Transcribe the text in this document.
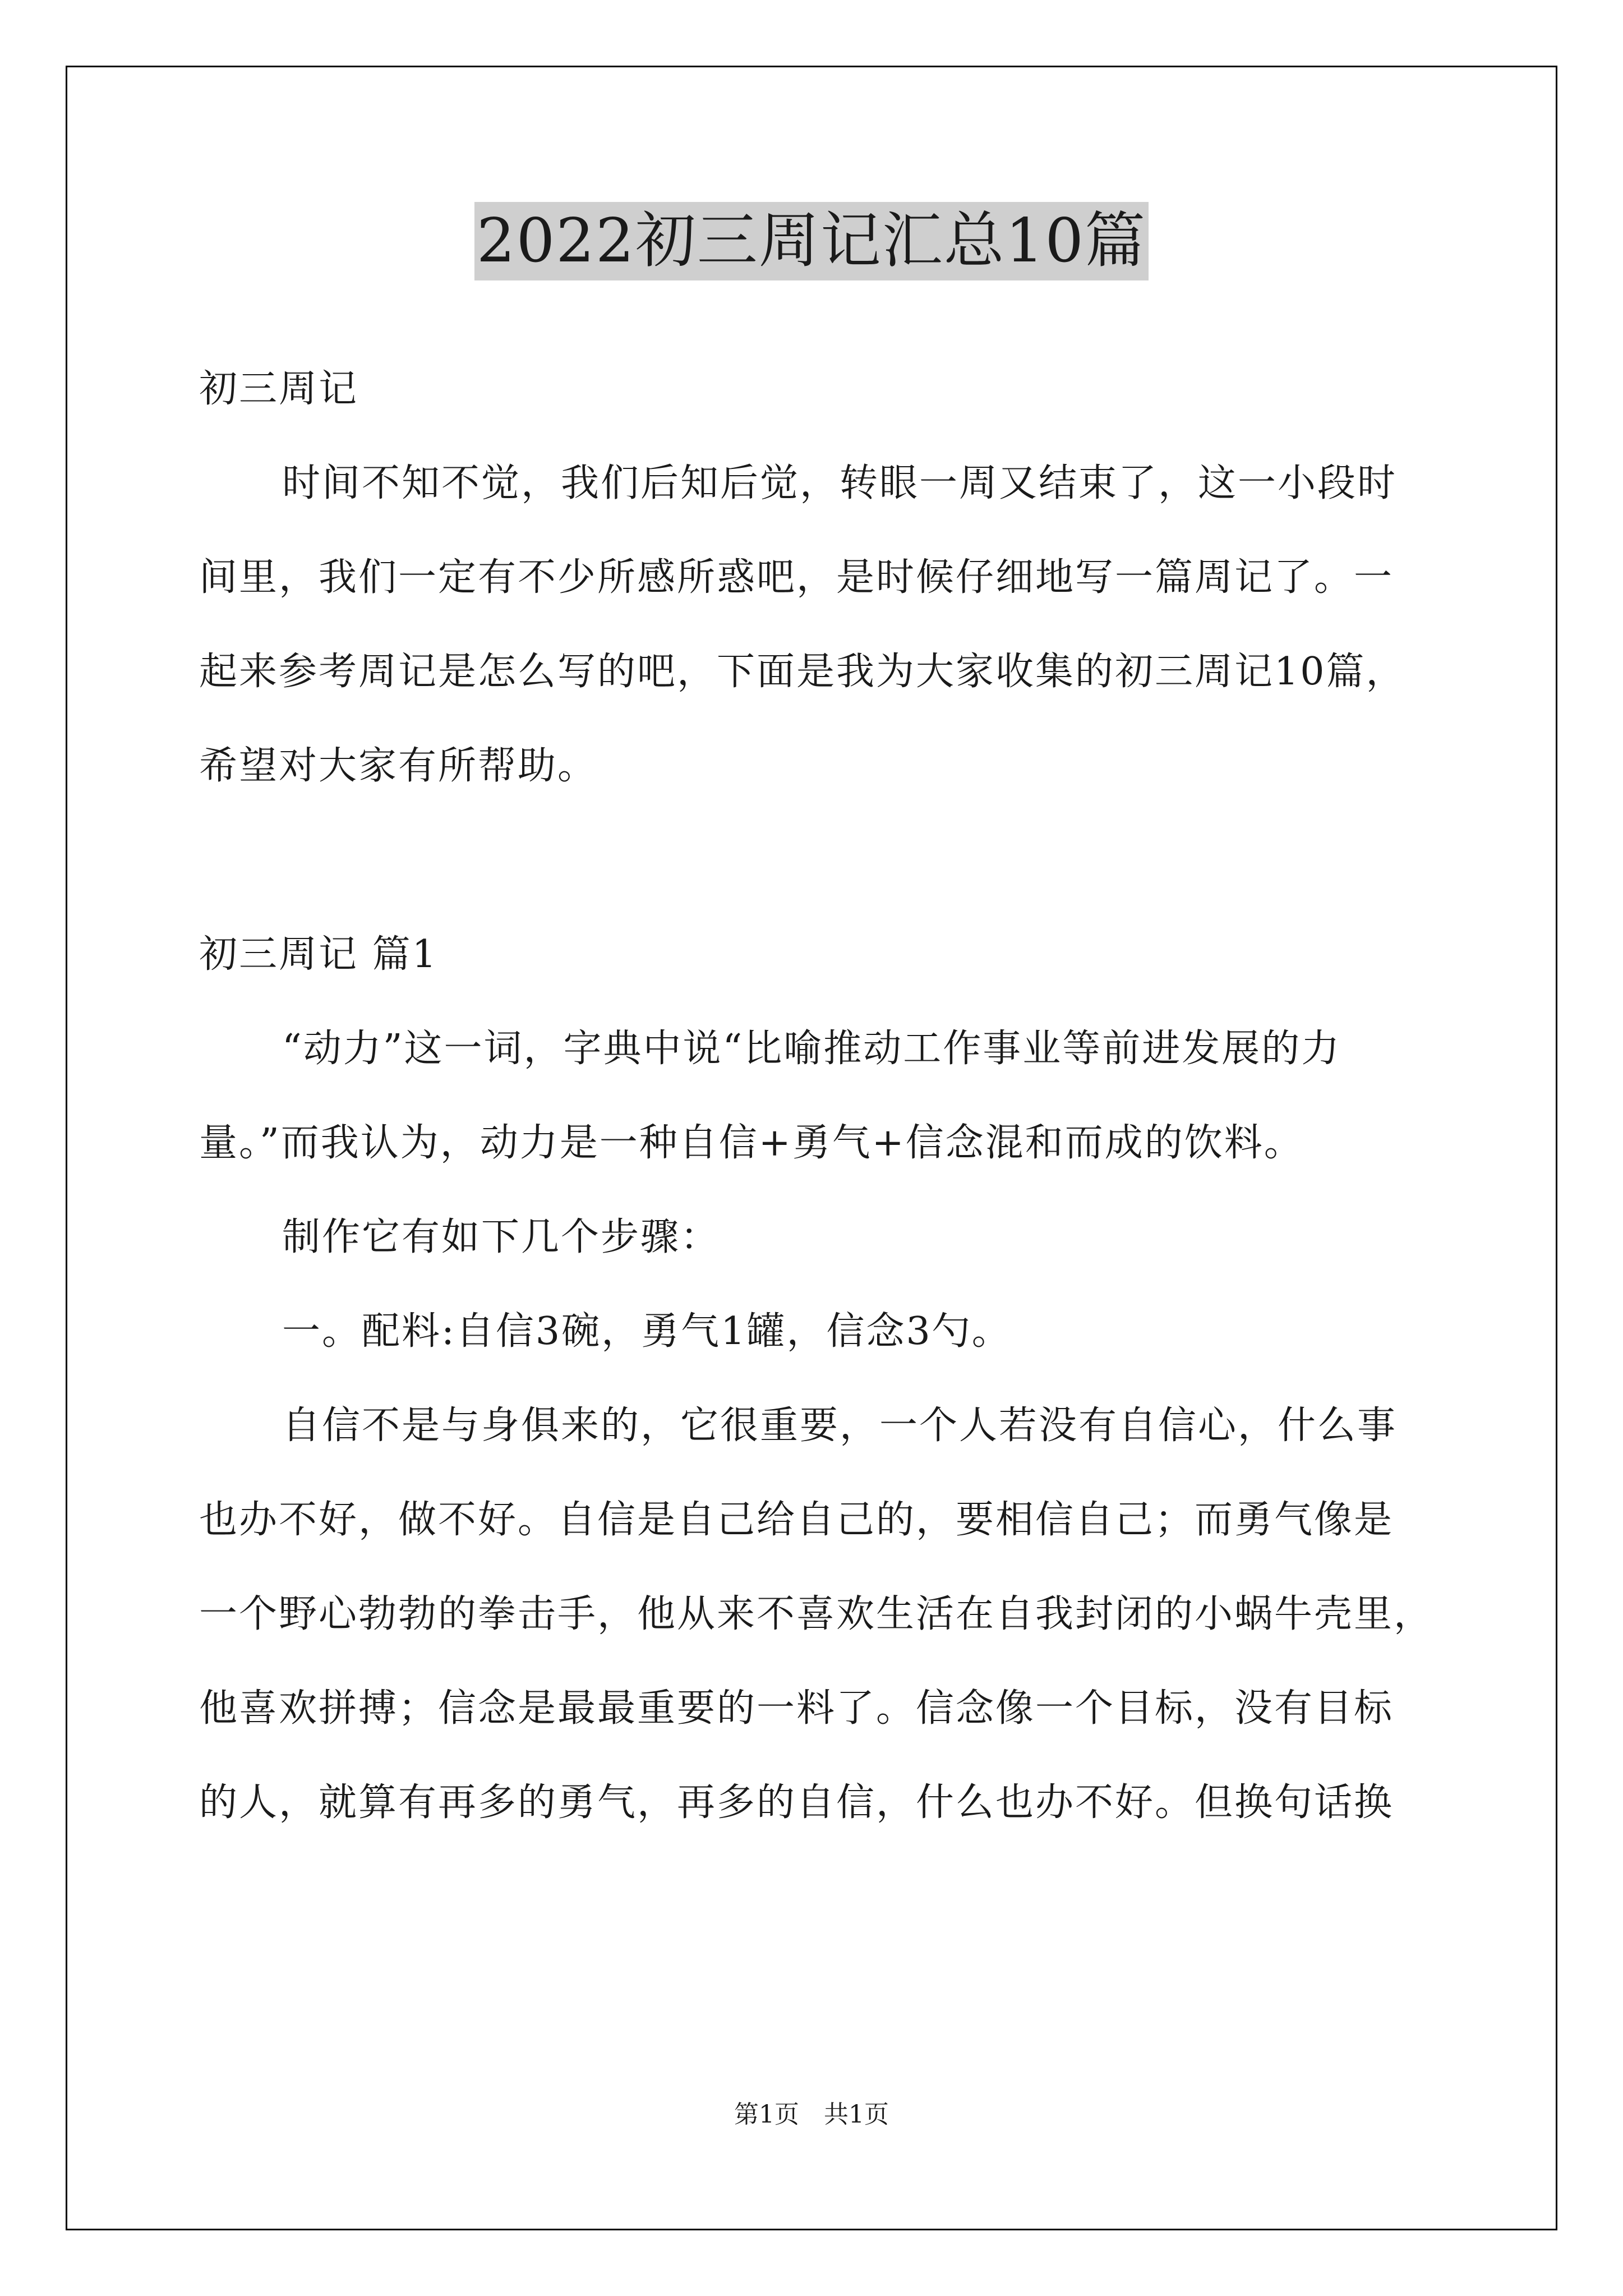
2022初三周记汇总10篇
初三周记
时间不知不觉，我们后知后觉，转眼一周又结束了，这一小段时
间里，我们一定有不少所感所惑吧，是时候仔细地写一篇周记了。一
起来参考周记是怎么写的吧，下面是我为大家收集的初三周记10篇，
希望对大家有所帮助。
初三周记 篇1
“动力”这一词，字典中说“比喻推动工作事业等前进发展的力
量。”而我认为，动力是一种自信+勇气+信念混和而成的饮料。
制作它有如下几个步骤：
一。配料:自信3碗，勇气1罐，信念3勺。
自信不是与身俱来的，它很重要，一个人若没有自信心，什么事
也办不好，做不好。自信是自己给自己的，要相信自己；而勇气像是
一个野心勃勃的拳击手，他从来不喜欢生活在自我封闭的小蜗牛壳里，
他喜欢拼搏；信念是最最重要的一料了。信念像一个目标，没有目标
的人，就算有再多的勇气，再多的自信，什么也办不好。但换句话换
第1页　共1页
